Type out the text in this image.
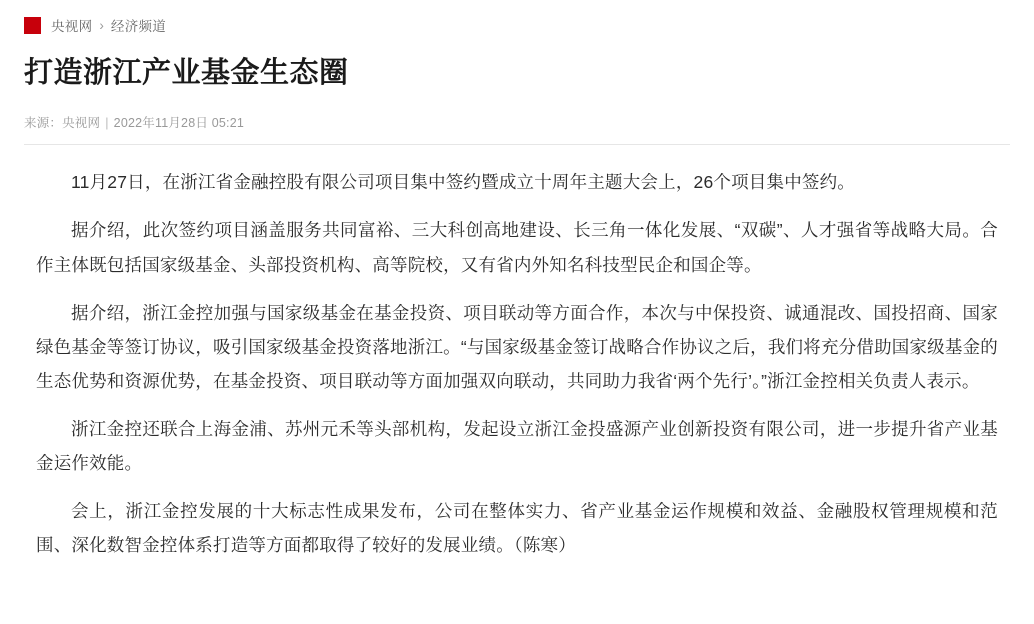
央视网 › 经济频道
打造浙江产业基金生态圈
来源：央视网 | 2022年11月28日 05:21

11月27日，在浙江省金融控股有限公司项目集中签约暨成立十周年主题大会上，26个项目集中签约。

据介绍，此次签约项目涵盖服务共同富裕、三大科创高地建设、长三角一体化发展、“双碳”、人才强省等战略大局。合作主体既包括国家级基金、头部投资机构、高等院校，又有省内外知名科技型民企和国企等。

据介绍，浙江金控加强与国家级基金在基金投资、项目联动等方面合作，本次与中保投资、诚通混改、国投招商、国家绿色基金等签订协议，吸引国家级基金投资落地浙江。“与国家级基金签订战略合作协议之后，我们将充分借助国家级基金的生态优势和资源优势，在基金投资、项目联动等方面加强双向联动，共同助力我省‘两个先行’。”浙江金控相关负责人表示。

浙江金控还联合上海金浦、苏州元禾等头部机构，发起设立浙江金投盛源产业创新投资有限公司，进一步提升省产业基金运作效能。

会上，浙江金控发展的十大标志性成果发布，公司在整体实力、省产业基金运作规模和效益、金融股权管理规模和范围、深化数智金控体系打造等方面都取得了较好的发展业绩。（陈寒）
